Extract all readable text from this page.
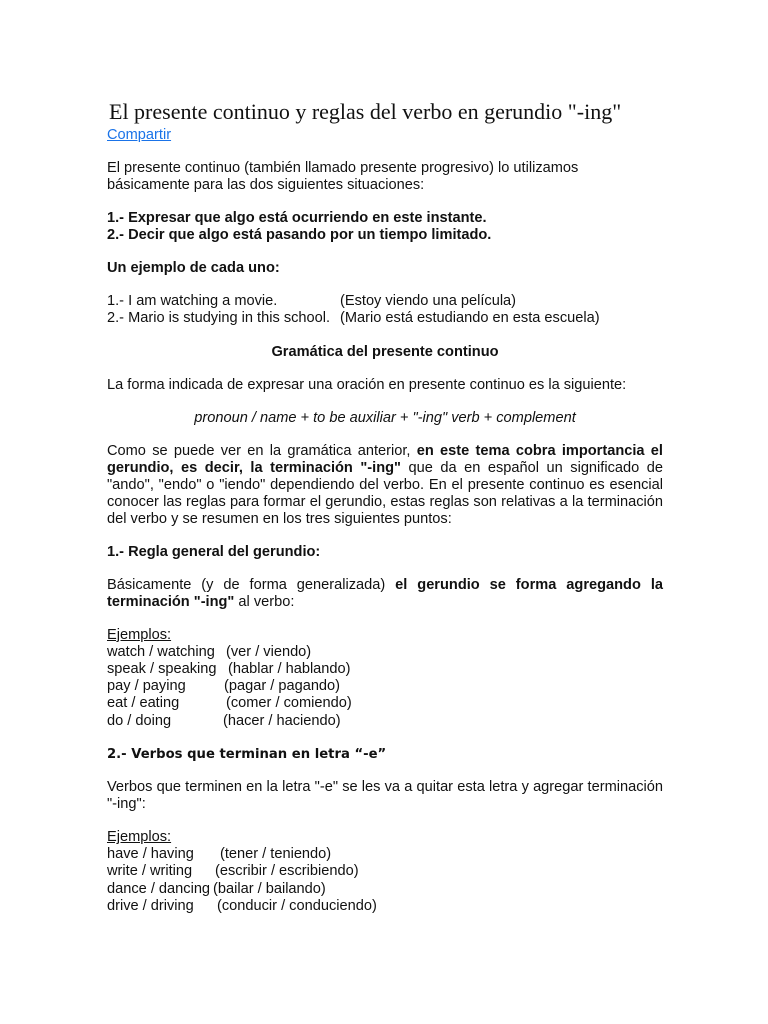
El presente continuo y reglas del verbo en gerundio "-ing"
Compartir

El presente continuo (también llamado presente progresivo) lo utilizamos básicamente para las dos siguientes situaciones:

1.- Expresar que algo está ocurriendo en este instante.

2.- Decir que algo está pasando por un tiempo limitado.

Un ejemplo de cada uno:

1.- I am watching a movie.	(Estoy viendo una película)
2.- Mario is studying in this school. (Mario está estudiando en esta escuela)

Gramática del presente continuo

La forma indicada de expresar una oración en presente continuo es la siguiente:

pronoun / name + to be auxiliar + "-ing" verb + complement

Como se puede ver en la gramática anterior, en este tema cobra importancia el gerundio, es decir, la terminación "-ing" que da en español un significado de "ando", "endo" o "iendo" dependiendo del verbo. En el presente continuo es esencial conocer las reglas para formar el gerundio, estas reglas son relativas a la terminación del verbo y se resumen en los tres siguientes puntos:

1.- Regla general del gerundio:

Básicamente (y de forma generalizada) el gerundio se forma agregando la terminación "-ing" al verbo:

Ejemplos:

watch / watching (ver / viendo)
speak / speaking (hablar / hablando)
pay / paying	(pagar / pagando)
eat / eating	(comer / comiendo)
do / doing	(hacer / haciendo)

2.- Verbos que terminan en letra “-e”

Verbos que terminen en la letra "-e" se les va a quitar esta letra y agregar terminación "-ing":

Ejemplos:

have / having	(tener / teniendo)
write / writing	(escribir / escribiendo)
dance / dancing (bailar / bailando)
drive / driving	(conducir / conduciendo)
